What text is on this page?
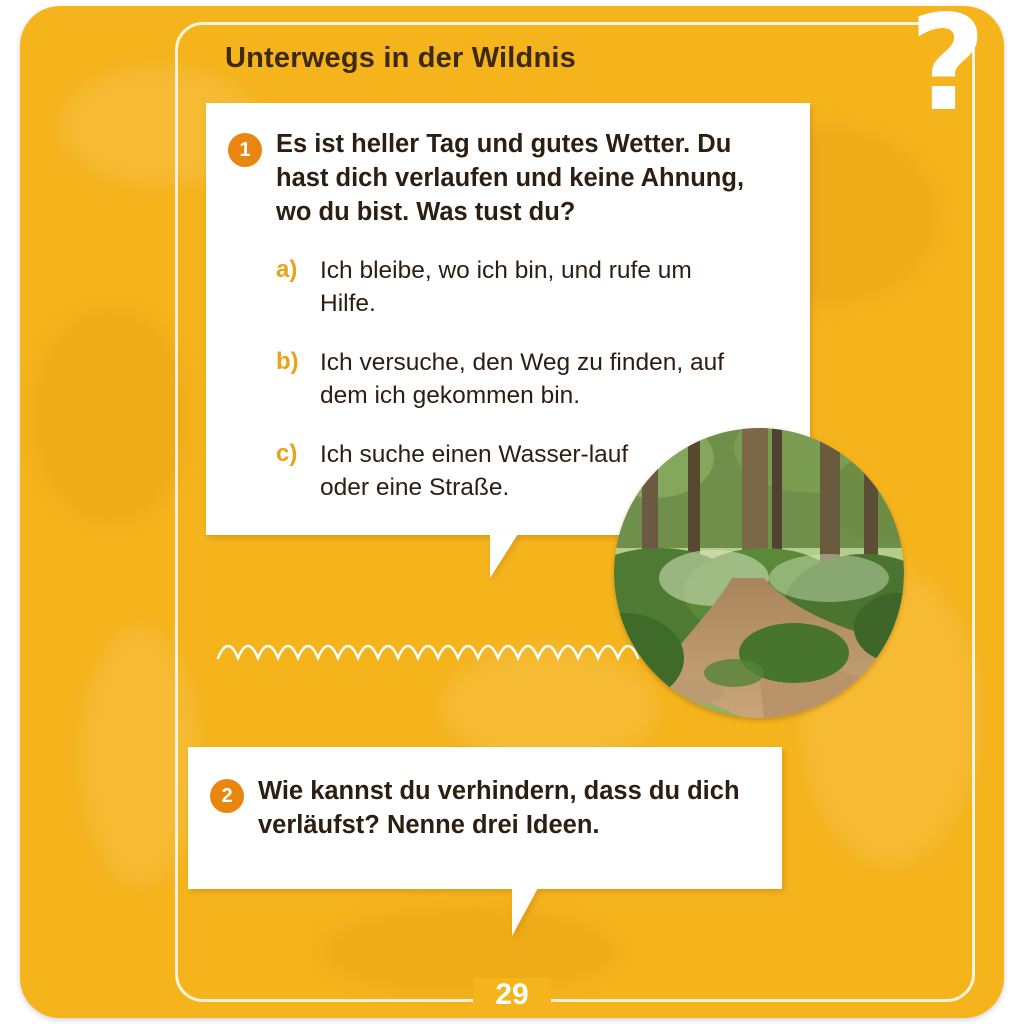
?
Unterwegs in der Wildnis
1 Es ist heller Tag und gutes Wetter. Du hast dich verlaufen und keine Ahnung, wo du bist. Was tust du?
a) Ich bleibe, wo ich bin, und rufe um Hilfe.
b) Ich versuche, den Weg zu finden, auf dem ich gekommen bin.
c) Ich suche einen Wasser-lauf oder eine Straße.
2 Wie kannst du verhindern, dass du dich verläufst? Nenne drei Ideen.
29
